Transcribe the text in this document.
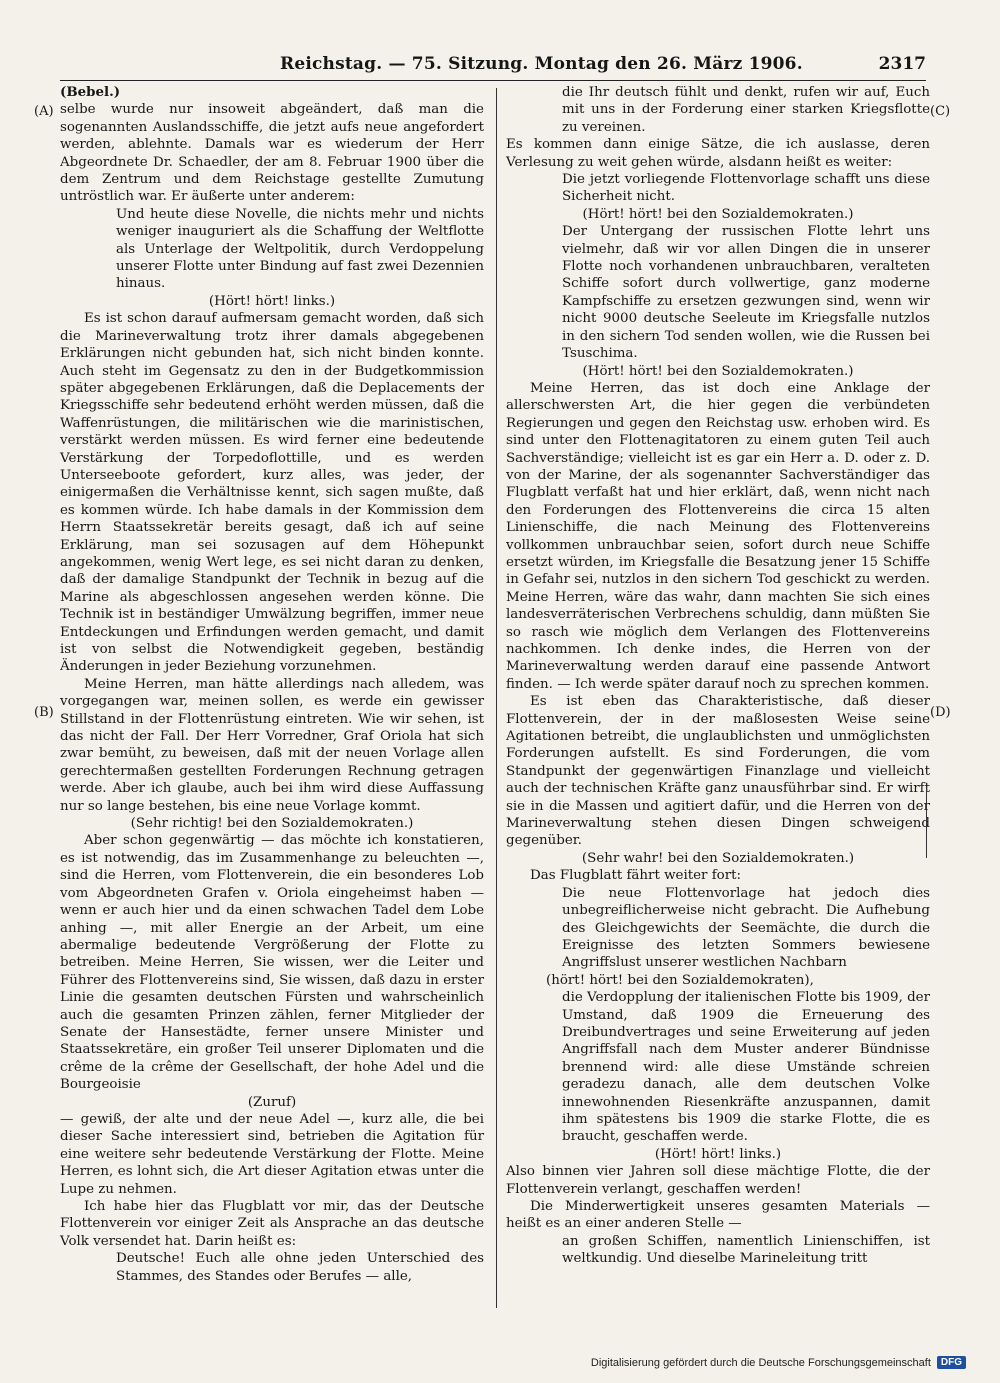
Reichstag. — 75. Sitzung. Montag den 26. März 1906.	2317
(A)
(B)
(C)
(D)

(Bebel.)

selbe wurde nur insoweit abgeändert, daß man die sogenannten Auslandsschiffe, die jetzt aufs neue angefordert werden, ablehnte. Damals war es wiederum der Herr Abgeordnete Dr. Schaedler, der am 8. Februar 1900 über die dem Zentrum und dem Reichstage gestellte Zumutung untröstlich war. Er äußerte unter anderem:

Und heute diese Novelle, die nichts mehr und nichts weniger inauguriert als die Schaffung der Weltflotte als Unterlage der Weltpolitik, durch Verdoppelung unserer Flotte unter Bindung auf fast zwei Dezennien hinaus.

(Hört! hört! links.)

Es ist schon darauf aufmersam gemacht worden, daß sich die Marineverwaltung trotz ihrer damals abgegebenen Erklärungen nicht gebunden hat, sich nicht binden konnte. Auch steht im Gegensatz zu den in der Budgetkommission später abgegebenen Erklärungen, daß die Deplacements der Kriegsschiffe sehr bedeutend erhöht werden müssen, daß die Waffenrüstungen, die militärischen wie die marinistischen, verstärkt werden müssen. Es wird ferner eine bedeutende Verstärkung der Torpedoflottille, und es werden Unterseeboote gefordert, kurz alles, was jeder, der einigermaßen die Verhältnisse kennt, sich sagen mußte, daß es kommen würde. Ich habe damals in der Kommission dem Herrn Staatssekretär bereits gesagt, daß ich auf seine Erklärung, man sei sozusagen auf dem Höhepunkt angekommen, wenig Wert lege, es sei nicht daran zu denken, daß der damalige Standpunkt der Technik in bezug auf die Marine als abgeschlossen angesehen werden könne. Die Technik ist in beständiger Umwälzung begriffen, immer neue Entdeckungen und Erfindungen werden gemacht, und damit ist von selbst die Notwendigkeit gegeben, beständig Änderungen in jeder Beziehung vorzunehmen.

Meine Herren, man hätte allerdings nach alledem, was vorgegangen war, meinen sollen, es werde ein gewisser Stillstand in der Flottenrüstung eintreten. Wie wir sehen, ist das nicht der Fall. Der Herr Vorredner, Graf Oriola hat sich zwar bemüht, zu beweisen, daß mit der neuen Vorlage allen gerechtermaßen gestellten Forderungen Rechnung getragen werde. Aber ich glaube, auch bei ihm wird diese Auffassung nur so lange bestehen, bis eine neue Vorlage kommt.

(Sehr richtig! bei den Sozialdemokraten.)

Aber schon gegenwärtig — das möchte ich konstatieren, es ist notwendig, das im Zusammenhange zu beleuchten —, sind die Herren, vom Flottenverein, die ein besonderes Lob vom Abgeordneten Grafen v. Oriola eingeheimst haben — wenn er auch hier und da einen schwachen Tadel dem Lobe anhing —, mit aller Energie an der Arbeit, um eine abermalige bedeutende Vergrößerung der Flotte zu betreiben. Meine Herren, Sie wissen, wer die Leiter und Führer des Flottenvereins sind, Sie wissen, daß dazu in erster Linie die gesamten deutschen Fürsten und wahrscheinlich auch die gesamten Prinzen zählen, ferner Mitglieder der Senate der Hansestädte, ferner unsere Minister und Staatssekretäre, ein großer Teil unserer Diplomaten und die crême de la crême der Gesellschaft, der hohe Adel und die Bourgeoisie

(Zuruf)

— gewiß, der alte und der neue Adel —, kurz alle, die bei dieser Sache interessiert sind, betrieben die Agitation für eine weitere sehr bedeutende Verstärkung der Flotte. Meine Herren, es lohnt sich, die Art dieser Agitation etwas unter die Lupe zu nehmen.

Ich habe hier das Flugblatt vor mir, das der Deutsche Flottenverein vor einiger Zeit als Ansprache an das deutsche Volk versendet hat. Darin heißt es:

Deutsche! Euch alle ohne jeden Unterschied des Stammes, des Standes oder Berufes — alle,

die Ihr deutsch fühlt und denkt, rufen wir auf, Euch mit uns in der Forderung einer starken Kriegsflotte zu vereinen.

Es kommen dann einige Sätze, die ich auslasse, deren Verlesung zu weit gehen würde, alsdann heißt es weiter:

Die jetzt vorliegende Flottenvorlage schafft uns diese Sicherheit nicht.

(Hört! hört! bei den Sozialdemokraten.)

Der Untergang der russischen Flotte lehrt uns vielmehr, daß wir vor allen Dingen die in unserer Flotte noch vorhandenen unbrauchbaren, veralteten Schiffe sofort durch vollwertige, ganz moderne Kampfschiffe zu ersetzen gezwungen sind, wenn wir nicht 9000 deutsche Seeleute im Kriegsfalle nutzlos in den sichern Tod senden wollen, wie die Russen bei Tsuschima.

(Hört! hört! bei den Sozialdemokraten.)

Meine Herren, das ist doch eine Anklage der allerschwersten Art, die hier gegen die verbündeten Regierungen und gegen den Reichstag usw. erhoben wird. Es sind unter den Flottenagitatoren zu einem guten Teil auch Sachverständige; vielleicht ist es gar ein Herr a. D. oder z. D. von der Marine, der als sogenannter Sachverständiger das Flugblatt verfaßt hat und hier erklärt, daß, wenn nicht nach den Forderungen des Flottenvereins die circa 15 alten Linienschiffe, die nach Meinung des Flottenvereins vollkommen unbrauchbar seien, sofort durch neue Schiffe ersetzt würden, im Kriegsfalle die Besatzung jener 15 Schiffe in Gefahr sei, nutzlos in den sichern Tod geschickt zu werden. Meine Herren, wäre das wahr, dann machten Sie sich eines landesverräterischen Verbrechens schuldig, dann müßten Sie so rasch wie möglich dem Verlangen des Flottenvereins nachkommen. Ich denke indes, die Herren von der Marineverwaltung werden darauf eine passende Antwort finden. — Ich werde später darauf noch zu sprechen kommen.

Es ist eben das Charakteristische, daß dieser Flottenverein, der in der maßlosesten Weise seine Agitationen betreibt, die unglaublichsten und unmöglichsten Forderungen aufstellt. Es sind Forderungen, die vom Standpunkt der gegenwärtigen Finanzlage und vielleicht auch der technischen Kräfte ganz unausführbar sind. Er wirft sie in die Massen und agitiert dafür, und die Herren von der Marineverwaltung stehen diesen Dingen schweigend gegenüber.

(Sehr wahr! bei den Sozialdemokraten.)

Das Flugblatt fährt weiter fort:

Die neue Flottenvorlage hat jedoch dies unbegreiflicherweise nicht gebracht. Die Aufhebung des Gleichgewichts der Seemächte, die durch die Ereignisse des letzten Sommers bewiesene Angriffslust unserer westlichen Nachbarn

(hört! hört! bei den Sozialdemokraten),

die Verdopplung der italienischen Flotte bis 1909, der Umstand, daß 1909 die Erneuerung des Dreibundvertrages und seine Erweiterung auf jeden Angriffsfall nach dem Muster anderer Bündnisse brennend wird: alle diese Umstände schreien geradezu danach, alle dem deutschen Volke innewohnenden Riesenkräfte anzuspannen, damit ihm spätestens bis 1909 die starke Flotte, die es braucht, geschaffen werde.

(Hört! hört! links.)

Also binnen vier Jahren soll diese mächtige Flotte, die der Flottenverein verlangt, geschaffen werden!

Die Minderwertigkeit unseres gesamten Materials — heißt es an einer anderen Stelle —

an großen Schiffen, namentlich Linienschiffen, ist weltkundig. Und dieselbe Marineleitung tritt

Digitalisierung gefördert durch die Deutsche Forschungsgemeinschaft	DFG
